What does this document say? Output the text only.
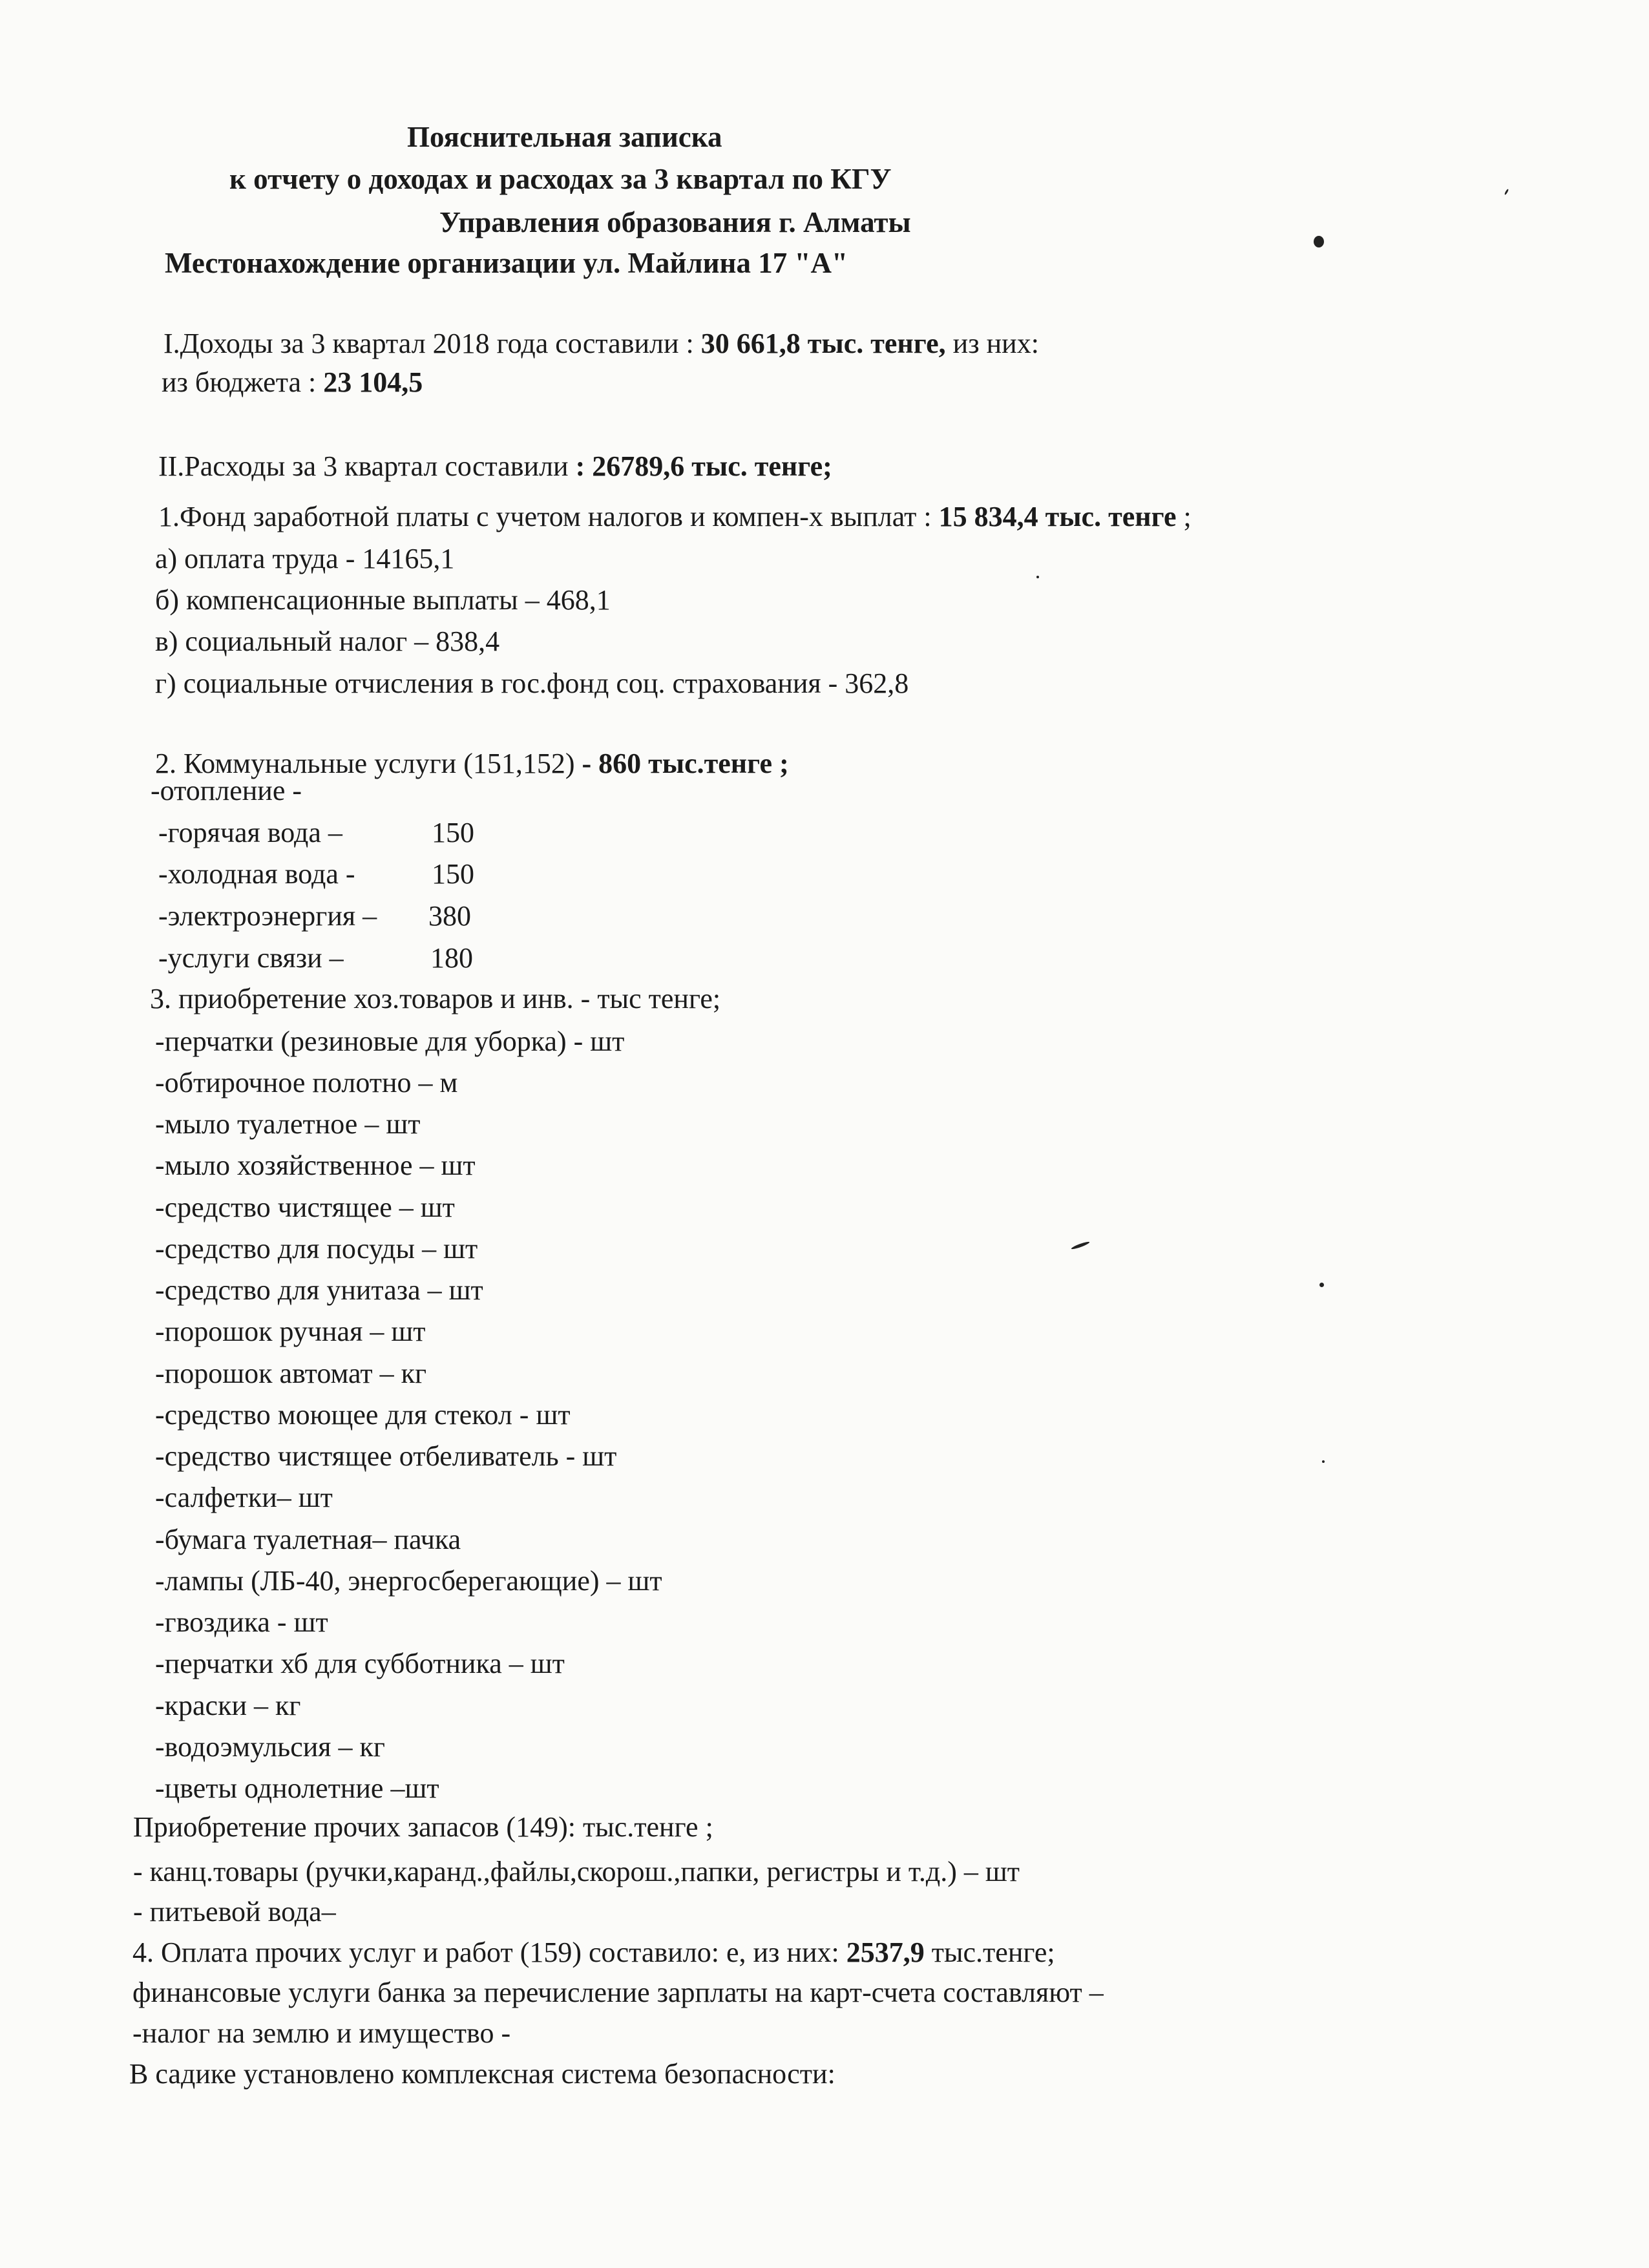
Пояснительная записка
к отчету о доходах и расходах за 3 квартал по КГУ
Управления образования г. Алматы
Местонахождение организации ул. Майлина 17 "А"
I.Доходы за 3 квартал 2018 года составили : 30 661,8 тыс. тенге, из них:
из бюджета : 23 104,5
II.Расходы за 3 квартал составили : 26789,6 тыс. тенге;
1.Фонд заработной платы с учетом налогов и компен-х выплат : 15 834,4 тыс. тенге ;
а) оплата труда - 14165,1
б) компенсационные выплаты – 468,1
в) социальный налог – 838,4
г) социальные отчисления в гос.фонд соц. страхования - 362,8
2. Коммунальные услуги (151,152) - 860 тыс.тенге ;
-отопление -
-горячая вода –	150
-холодная вода -	150
-электроэнергия – 380
-услуги связи –	180
3. приобретение хоз.товаров и инв. - тыс тенге;
-перчатки (резиновые для уборка) - шт
-обтирочное полотно – м
-мыло туалетное – шт
-мыло хозяйственное – шт
-средство чистящее – шт
-средство для посуды – шт
-средство для унитаза – шт
-порошок ручная – шт
-порошок автомат – кг
-средство моющее для стекол - шт
-средство чистящее отбеливатель - шт
-салфетки– шт
-бумага туалетная– пачка
-лампы (ЛБ-40, энергосберегающие) – шт
-гвоздика - шт
-перчатки хб для субботника – шт
-краски – кг
-водоэмульсия – кг
-цветы однолетние –шт
Приобретение прочих запасов (149): тыс.тенге ;
- канц.товары (ручки,каранд.,файлы,скорош.,папки, регистры и т.д.) – шт
- питьевой вода–
4. Оплата прочих услуг и работ (159) составило: е, из них: 2537,9 тыс.тенге;
финансовые услуги банка за перечисление зарплаты на карт-счета составляют –
-налог на землю и имущество -
В садике установлено комплексная система безопасности:
